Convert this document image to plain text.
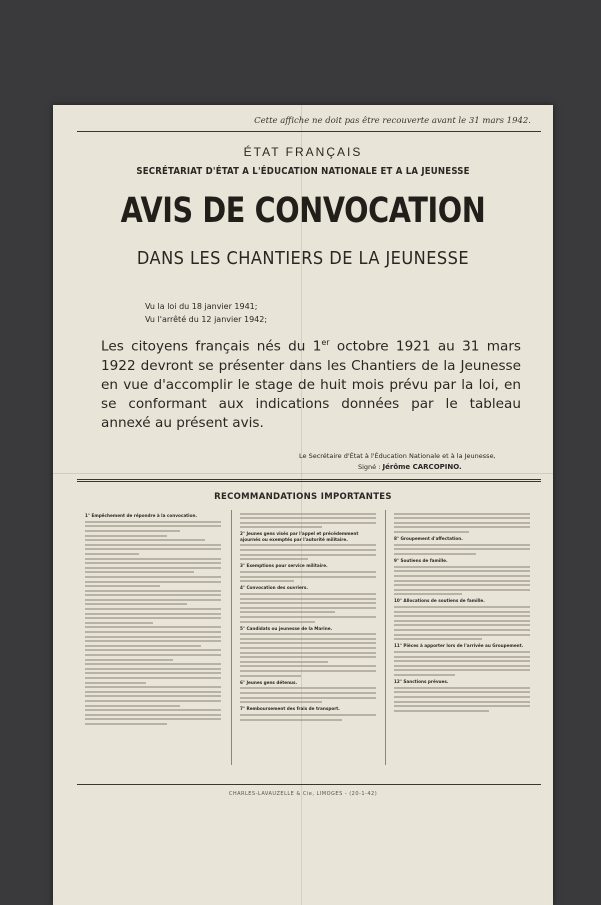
Cette affiche ne doit pas être recouverte avant le 31 mars 1942.
ÉTAT FRANÇAIS
SECRÉTARIAT D'ÉTAT A L'ÉDUCATION NATIONALE ET A LA JEUNESSE
AVIS DE CONVOCATION
DANS LES CHANTIERS DE LA JEUNESSE
Vu la loi du 18 janvier 1941;
Vu l'arrêté du 12 janvier 1942;
Les citoyens français nés du 1er octobre 1921 au 31 mars 1922 devront se présenter dans les Chantiers de la Jeunesse en vue d'accomplir le stage de huit mois prévu par la loi, en se conformant aux indications données par le tableau annexé au présent avis.
Le Secrétaire d'État à l'Éducation Nationale et à la Jeunesse,
Signé : Jérôme CARCOPINO.
RECOMMANDATIONS IMPORTANTES
1° Empêchement de répondre à la convocation.
2° Jeunes gens visés par l'appel et précédemment ajournés ou exemptés par l'autorité militaire.
3° Exemptions pour service militaire.
4° Convocation des ouvriers.
5° Candidats ou jeunesse de la Marine.
6° Jeunes gens détenus.
7° Remboursement des frais de transport.
8° Groupement d'affectation.
9° Soutiens de famille.
10° Allocations de soutiens de famille.
11° Pièces à apporter lors de l'arrivée au Groupement.
12° Sanctions prévues.
CHARLES-LAVAUZELLE & Cie, LIMOGES - (20-1-42)
